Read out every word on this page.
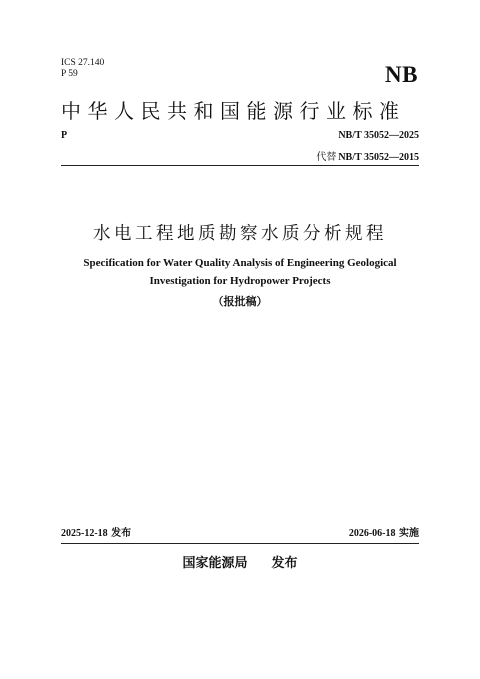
ICS 27.140
P 59	NB
中华人民共和国能源行业标准
P	NB/T 35052—2025
代替 NB/T 35052—2015
水电工程地质勘察水质分析规程
Specification for Water Quality Analysis of Engineering Geological
Investigation for Hydropower Projects
（报批稿）
2025-12-18 发布	2026-06-18 实施
国家能源局 发布
